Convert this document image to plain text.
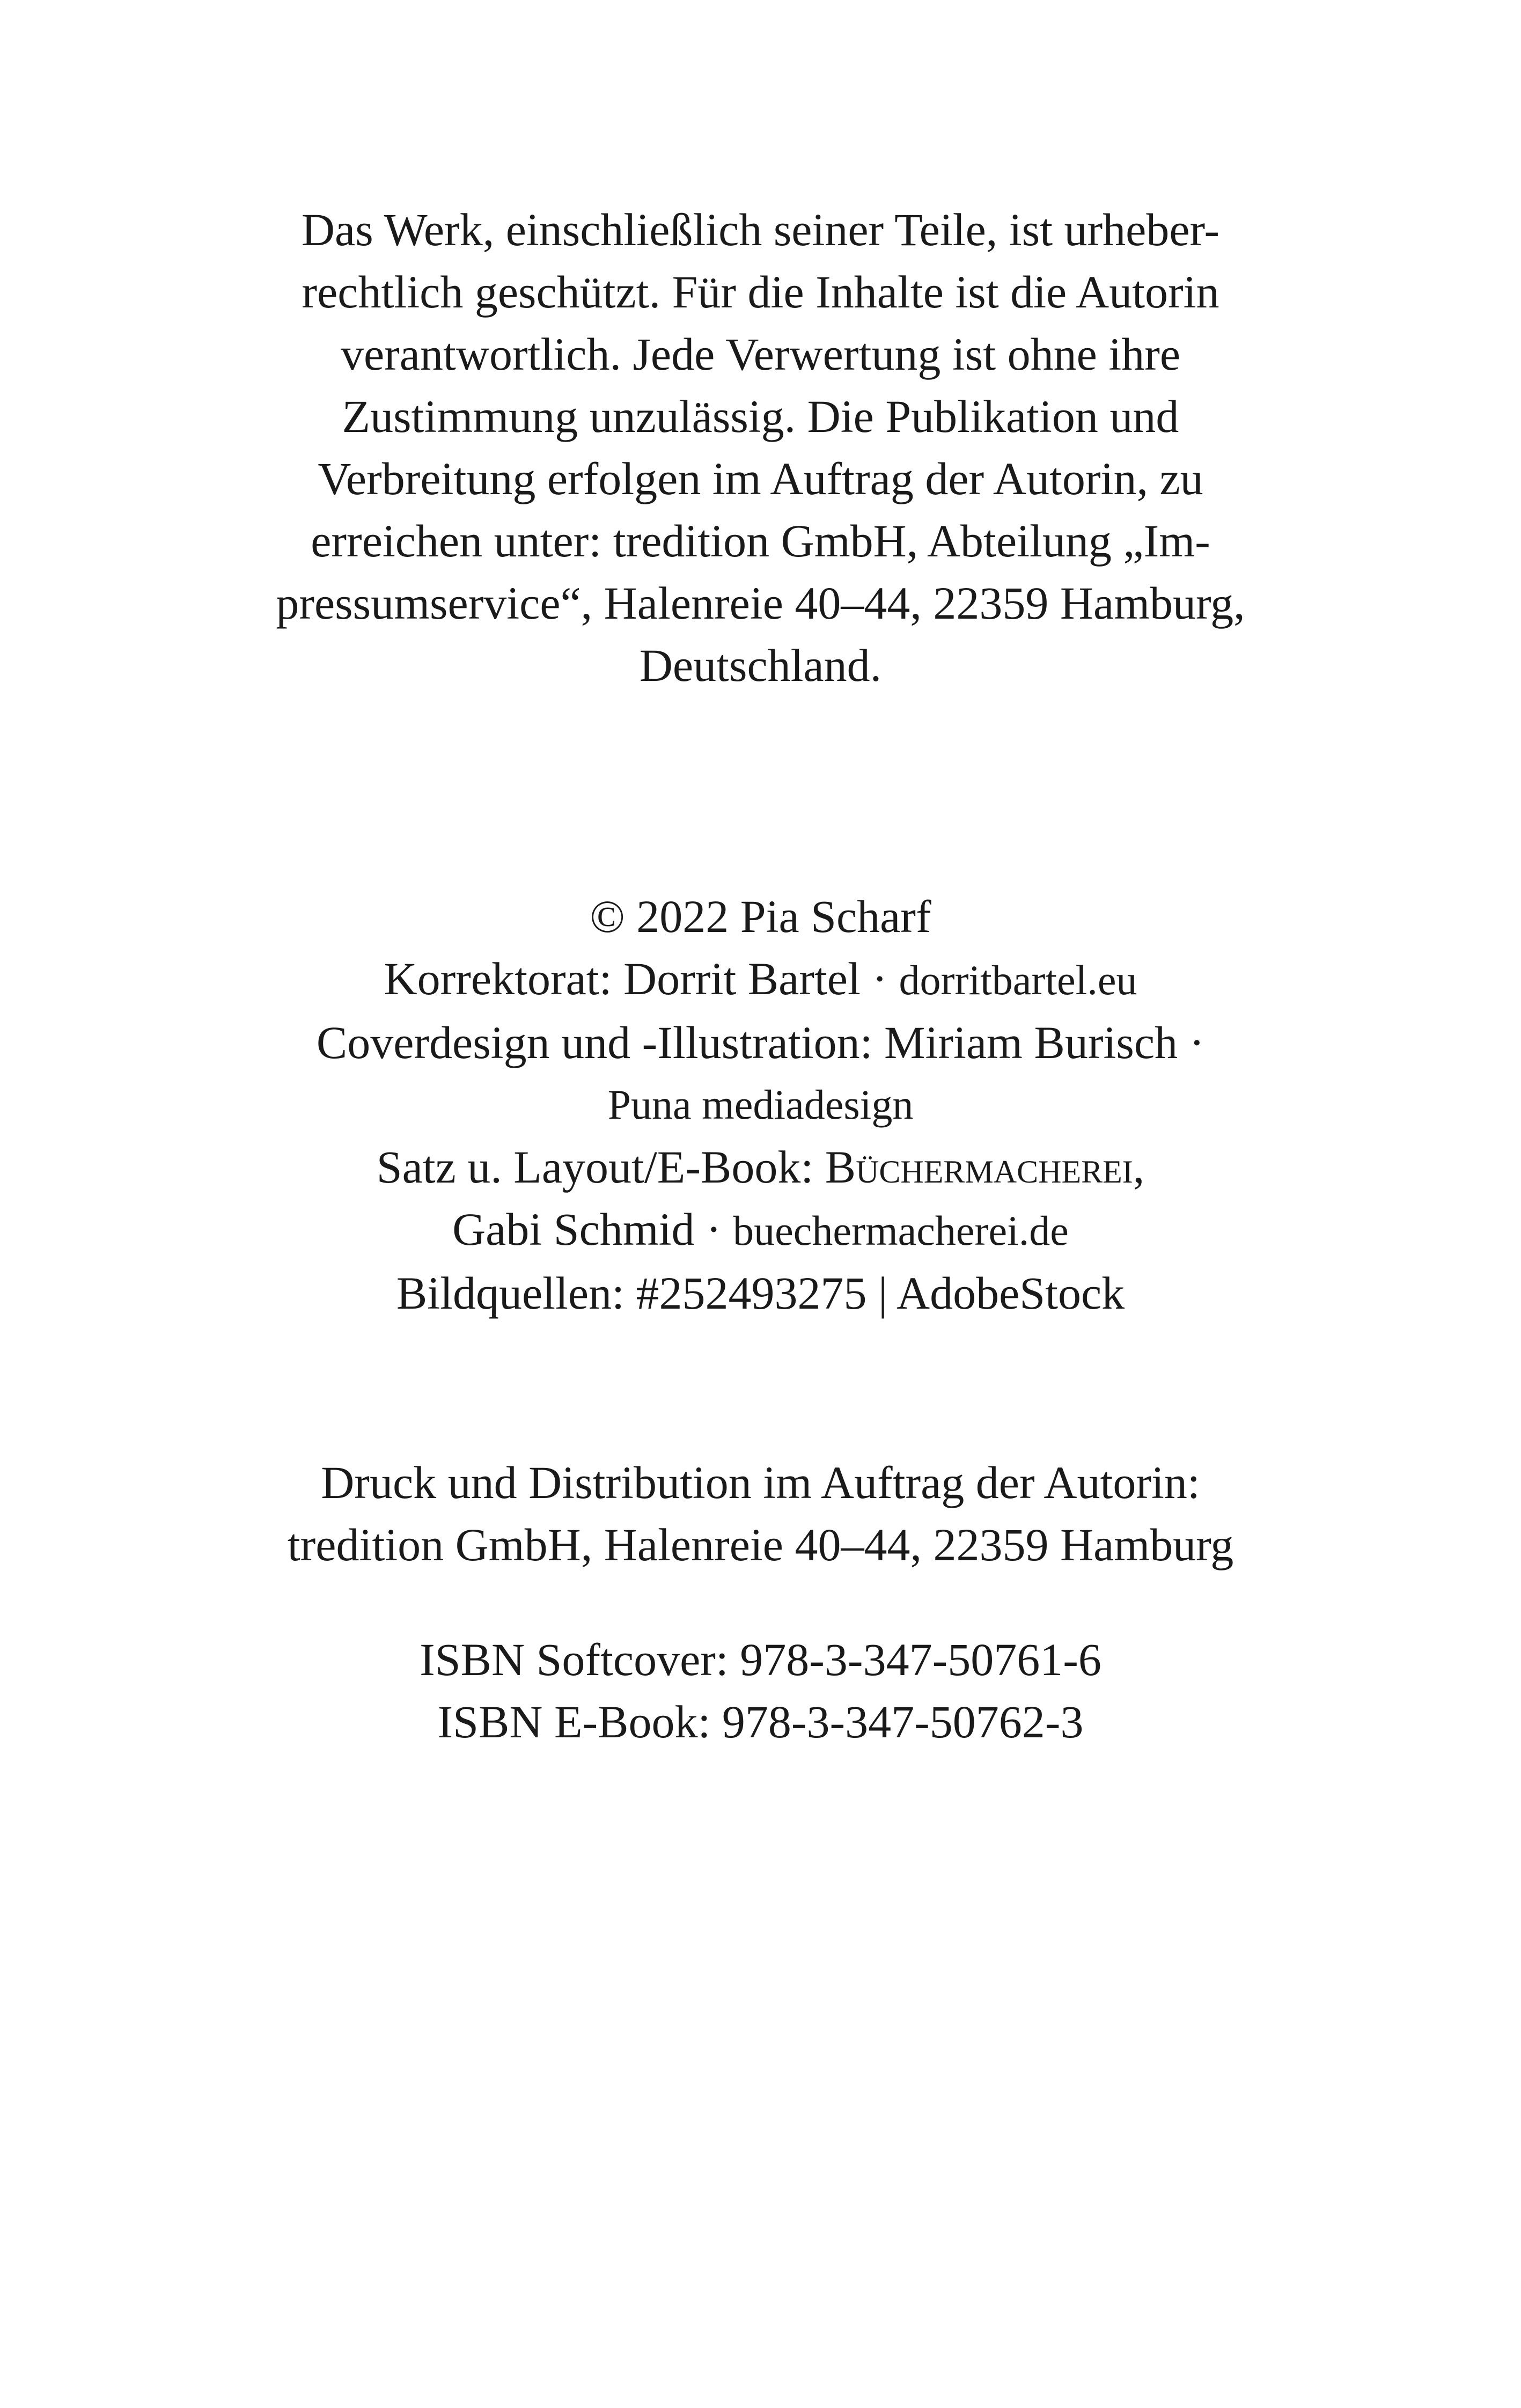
Das Werk, einschließlich seiner Teile, ist urheber-
rechtlich geschützt. Für die Inhalte ist die Autorin
verantwortlich. Jede Verwertung ist ohne ihre
Zustimmung unzulässig. Die Publikation und
Verbreitung erfolgen im Auftrag der Autorin, zu
erreichen unter: tredition GmbH, Abteilung „Im-
pressumservice“, Halenreie 40–44, 22359 Hamburg,
Deutschland.
© 2022 Pia Scharf
Korrektorat: Dorrit Bartel · dorritbartel.eu
Coverdesign und -Illustration: Miriam Burisch ·
Puna mediadesign
Satz u. Layout/E-Book: Büchermacherei,
Gabi Schmid · buechermacherei.de
Bildquellen: #252493275 | AdobeStock
Druck und Distribution im Auftrag der Autorin:
tredition GmbH, Halenreie 40–44, 22359 Hamburg
ISBN Softcover: 978-3-347-50761-6
ISBN E-Book: 978-3-347-50762-3
